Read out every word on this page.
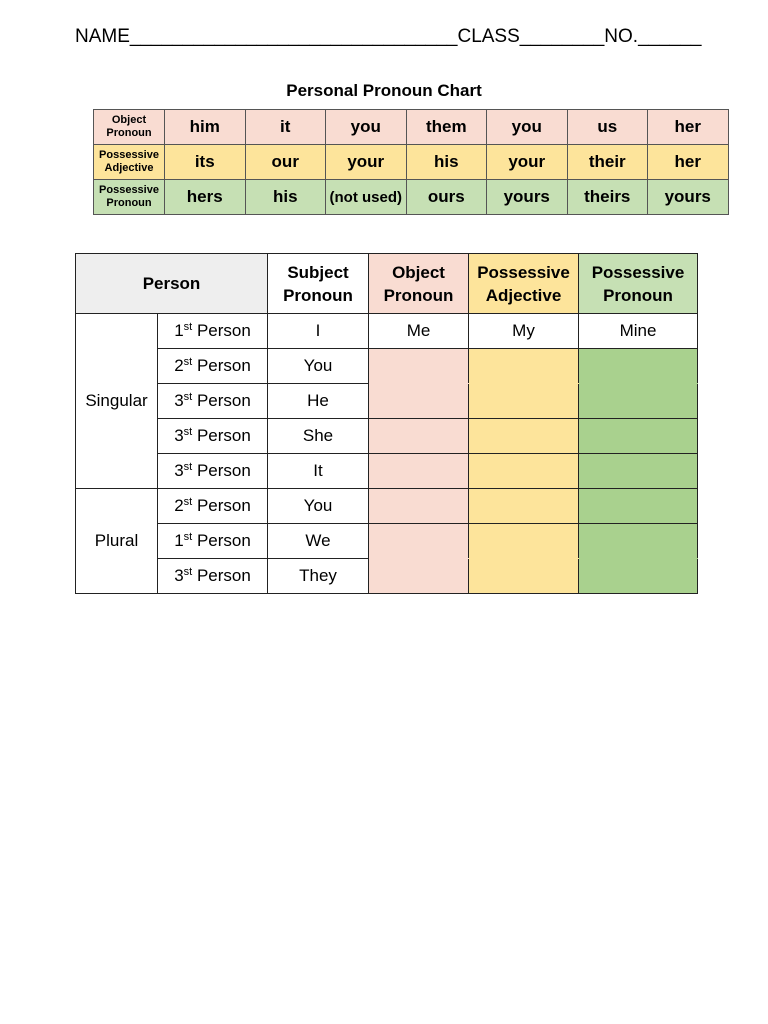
NAME_______________________________CLASS________NO.______
Personal Pronoun Chart
Object Pronoun	him	it	you	them	you	us	her
Possessive Adjective	its	our	your	his	your	their	her
Possessive Pronoun	hers	his	(not used)	ours	yours	theirs	yours
Person		Subject Pronoun	Object Pronoun	Possessive Adjective	Possessive Pronoun
Singular	1st Person	I	Me	My	Mine
	2st Person	You			
	3st Person	He			
	3st Person	She			
	3st Person	It			
Plural	2st Person	You			
	1st Person	We			
	3st Person	They			
